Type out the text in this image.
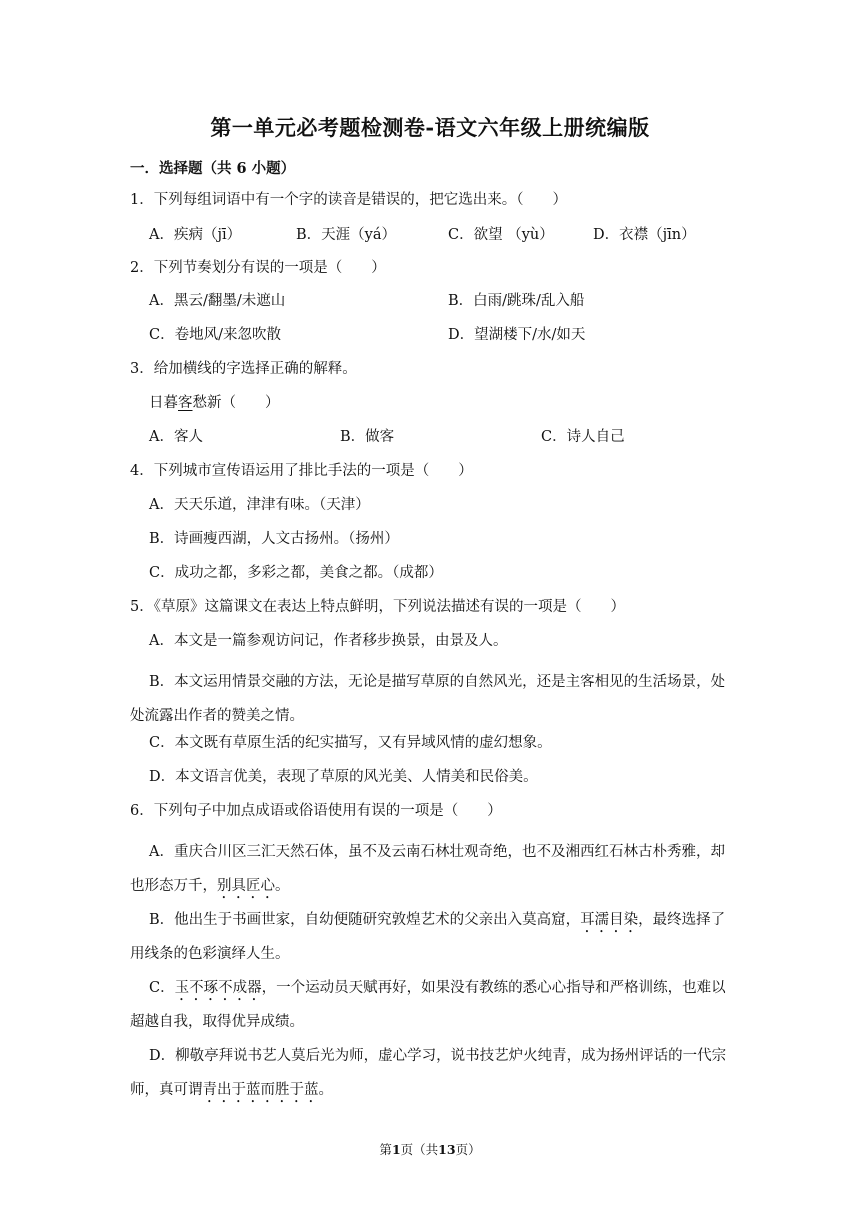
第一单元必考题检测卷-语文六年级上册统编版
一．选择题（共 6 小题）
1．下列每组词语中有一个字的读音是错误的，把它选出来。（　　）
A．疾病（jī）	B．天涯（yá）	C．欲望 （yù）	D．衣襟（jīn）
2．下列节奏划分有误的一项是（　　）
A．黑云/翻墨/未遮山	B．白雨/跳珠/乱入船
C．卷地风/来忽吹散	D．望湖楼下/水/如天
3．给加横线的字选择正确的解释。
日暮客愁新（　　）
A．客人	B．做客	C．诗人自己
4．下列城市宣传语运用了排比手法的一项是（　　）
A．天天乐道，津津有味。（天津）
B．诗画瘦西湖，人文古扬州。（扬州）
C．成功之都，多彩之都，美食之都。（成都）
5．《草原》这篇课文在表达上特点鲜明，下列说法描述有误的一项是（　　）
A．本文是一篇参观访问记，作者移步换景，由景及人。
B．本文运用情景交融的方法，无论是描写草原的自然风光，还是主客相见的生活场景，处处流露出作者的赞美之情。
C．本文既有草原生活的纪实描写，又有异域风情的虚幻想象。
D．本文语言优美，表现了草原的风光美、人情美和民俗美。
6．下列句子中加点成语或俗语使用有误的一项是（　　）
A．重庆合川区三汇天然石体，虽不及云南石林壮观奇绝，也不及湘西红石林古朴秀雅，却也形态万千，别具匠心。
B．他出生于书画世家，自幼便随研究敦煌艺术的父亲出入莫高窟，耳濡目染，最终选择了用线条的色彩演绎人生。
C．玉不琢不成器，一个运动员天赋再好，如果没有教练的悉心心指导和严格训练，也难以超越自我，取得优异成绩。
D．柳敬亭拜说书艺人莫后光为师，虚心学习，说书技艺炉火纯青，成为扬州评话的一代宗师，真可谓青出于蓝而胜于蓝。
第1页（共13页）
